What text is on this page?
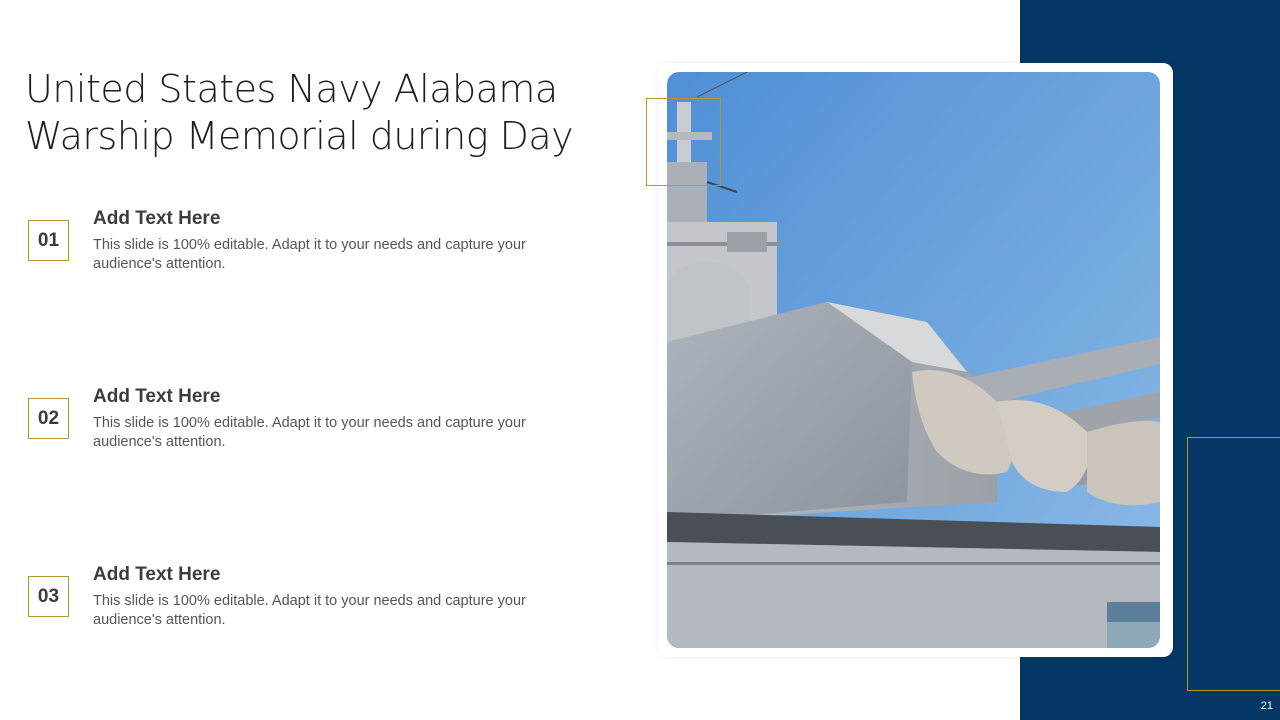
21
United States Navy Alabama
Warship Memorial during Day
01

Add Text Here

This slide is 100% editable. Adapt it to your needs and capture your audience's attention.

02

Add Text Here

This slide is 100% editable. Adapt it to your needs and capture your audience's attention.

03

Add Text Here

This slide is 100% editable. Adapt it to your needs and capture your audience's attention.
